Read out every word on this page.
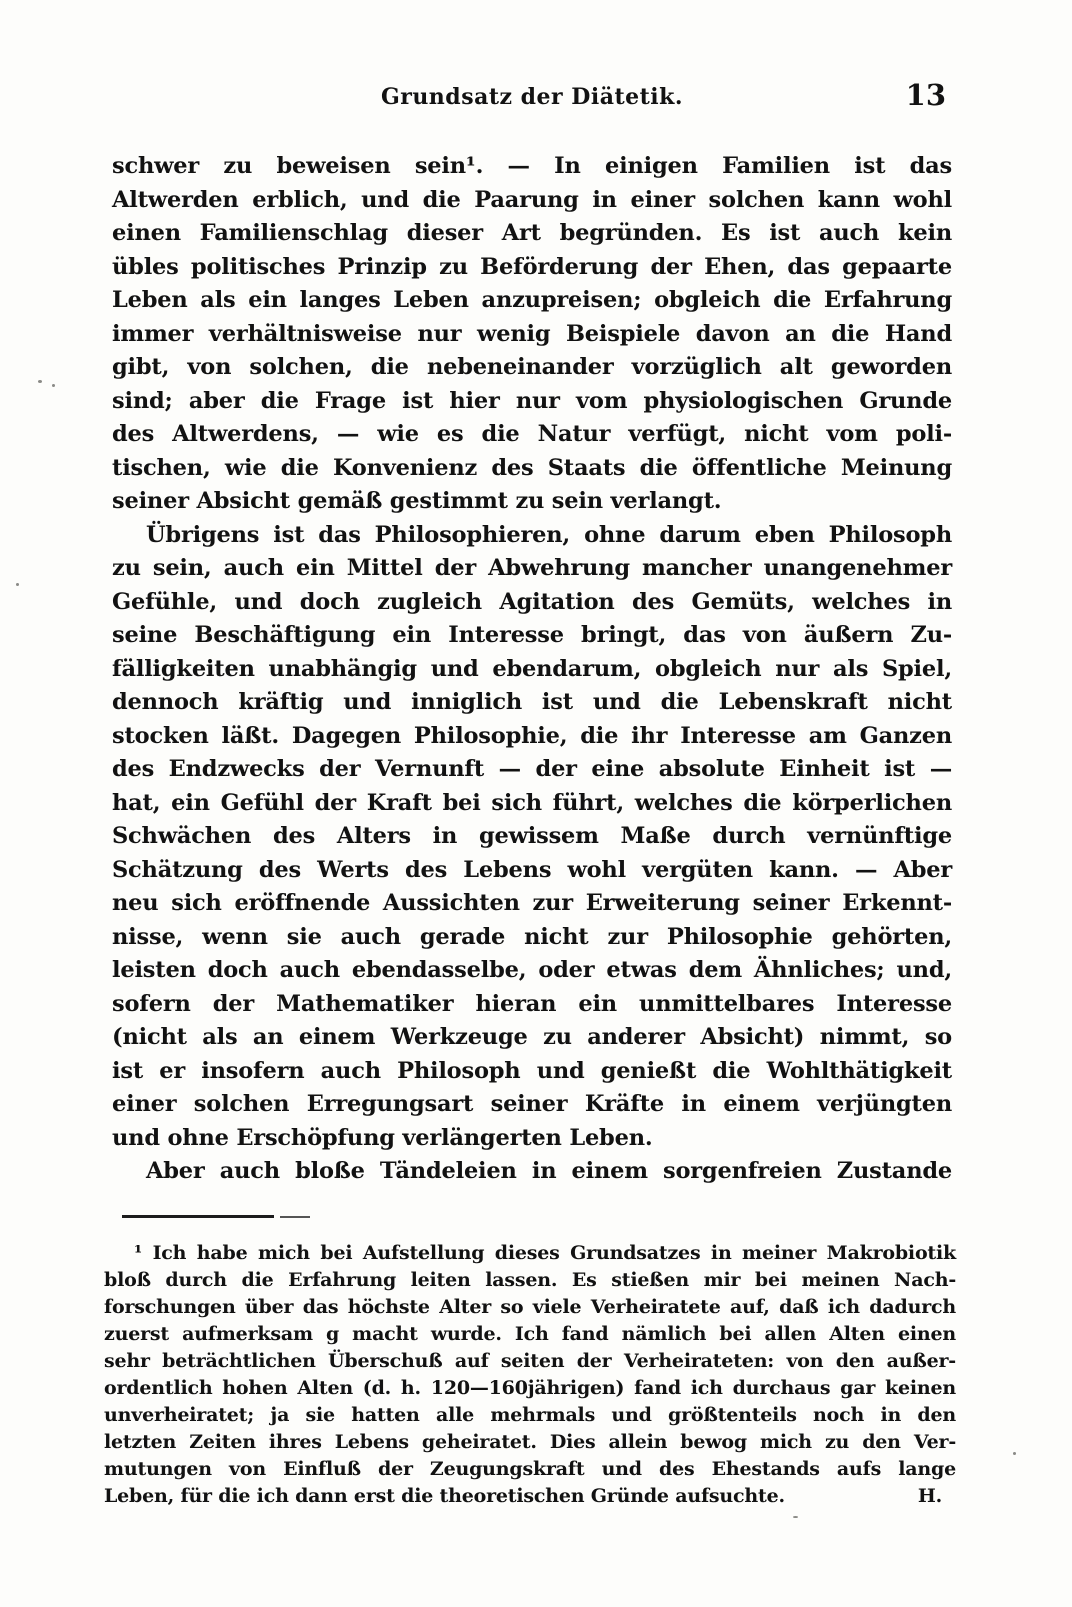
Grundsatz der Diätetik.	13
schwer zu beweisen sein¹. — In einigen Familien ist das
Altwerden erblich, und die Paarung in einer solchen kann wohl
einen Familienschlag dieser Art begründen. Es ist auch kein
übles politisches Prinzip zu Beförderung der Ehen, das gepaarte
Leben als ein langes Leben anzupreisen; obgleich die Erfahrung
immer verhältnisweise nur wenig Beispiele davon an die Hand
gibt, von solchen, die nebeneinander vorzüglich alt geworden
sind; aber die Frage ist hier nur vom physiologischen Grunde
des Altwerdens, — wie es die Natur verfügt, nicht vom poli-
tischen, wie die Konvenienz des Staats die öffentliche Meinung
seiner Absicht gemäß gestimmt zu sein verlangt.
Übrigens ist das Philosophieren, ohne darum eben Philosoph
zu sein, auch ein Mittel der Abwehrung mancher unangenehmer
Gefühle, und doch zugleich Agitation des Gemüts, welches in
seine Beschäftigung ein Interesse bringt, das von äußern Zu-
fälligkeiten unabhängig und ebendarum, obgleich nur als Spiel,
dennoch kräftig und inniglich ist und die Lebenskraft nicht
stocken läßt. Dagegen Philosophie, die ihr Interesse am Ganzen
des Endzwecks der Vernunft — der eine absolute Einheit ist —
hat, ein Gefühl der Kraft bei sich führt, welches die körperlichen
Schwächen des Alters in gewissem Maße durch vernünftige
Schätzung des Werts des Lebens wohl vergüten kann. — Aber
neu sich eröffnende Aussichten zur Erweiterung seiner Erkennt-
nisse, wenn sie auch gerade nicht zur Philosophie gehörten,
leisten doch auch ebendasselbe, oder etwas dem Ähnliches; und,
sofern der Mathematiker hieran ein unmittelbares Interesse
(nicht als an einem Werkzeuge zu anderer Absicht) nimmt, so
ist er insofern auch Philosoph und genießt die Wohlthätigkeit
einer solchen Erregungsart seiner Kräfte in einem verjüngten
und ohne Erschöpfung verlängerten Leben.
Aber auch bloße Tändeleien in einem sorgenfreien Zustande
¹ Ich habe mich bei Aufstellung dieses Grundsatzes in meiner Makrobiotik
bloß durch die Erfahrung leiten lassen. Es stießen mir bei meinen Nach-
forschungen über das höchste Alter so viele Verheiratete auf, daß ich dadurch
zuerst aufmerksam g macht wurde. Ich fand nämlich bei allen Alten einen
sehr beträchtlichen Überschuß auf seiten der Verheirateten: von den außer-
ordentlich hohen Alten (d. h. 120—160jährigen) fand ich durchaus gar keinen
unverheiratet; ja sie hatten alle mehrmals und größtenteils noch in den
letzten Zeiten ihres Lebens geheiratet. Dies allein bewog mich zu den Ver-
mutungen von Einfluß der Zeugungskraft und des Ehestands aufs lange
Leben, für die ich dann erst die theoretischen Gründe aufsuchte.	H.
